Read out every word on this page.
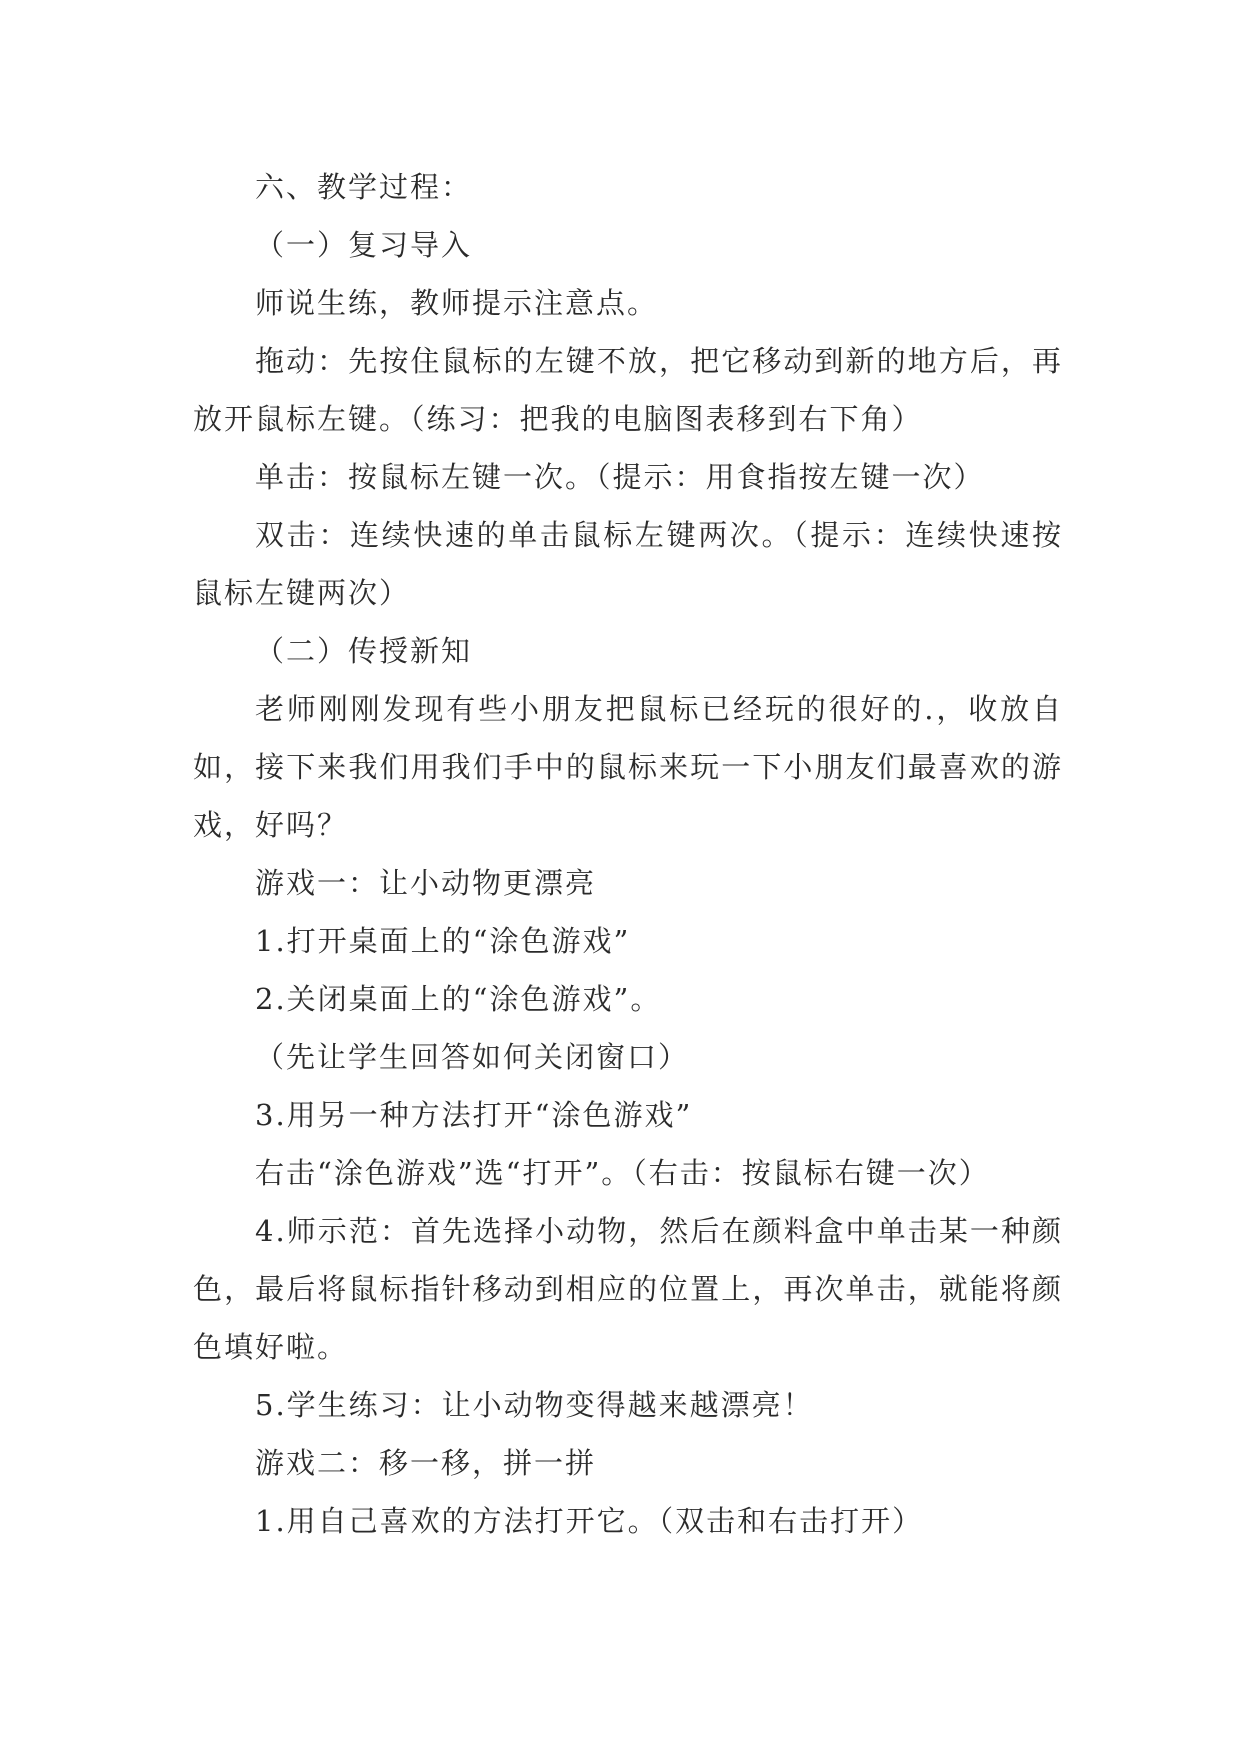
六、教学过程：

（一）复习导入

师说生练，教师提示注意点。

拖动：先按住鼠标的左键不放，把它移动到新的地方后，再放开鼠标左键。（练习：把我的电脑图表移到右下角）

单击：按鼠标左键一次。（提示：用食指按左键一次）

双击：连续快速的单击鼠标左键两次。（提示：连续快速按鼠标左键两次）

（二）传授新知

老师刚刚发现有些小朋友把鼠标已经玩的很好的.，收放自如，接下来我们用我们手中的鼠标来玩一下小朋友们最喜欢的游戏，好吗？

游戏一：让小动物更漂亮

1.打开桌面上的“涂色游戏”

2.关闭桌面上的“涂色游戏”。

（先让学生回答如何关闭窗口）

3.用另一种方法打开“涂色游戏”

右击“涂色游戏”选“打开”。（右击：按鼠标右键一次）

4.师示范：首先选择小动物，然后在颜料盒中单击某一种颜色，最后将鼠标指针移动到相应的位置上，再次单击，就能将颜色填好啦。

5.学生练习：让小动物变得越来越漂亮！

游戏二：移一移，拼一拼

1.用自己喜欢的方法打开它。（双击和右击打开）
